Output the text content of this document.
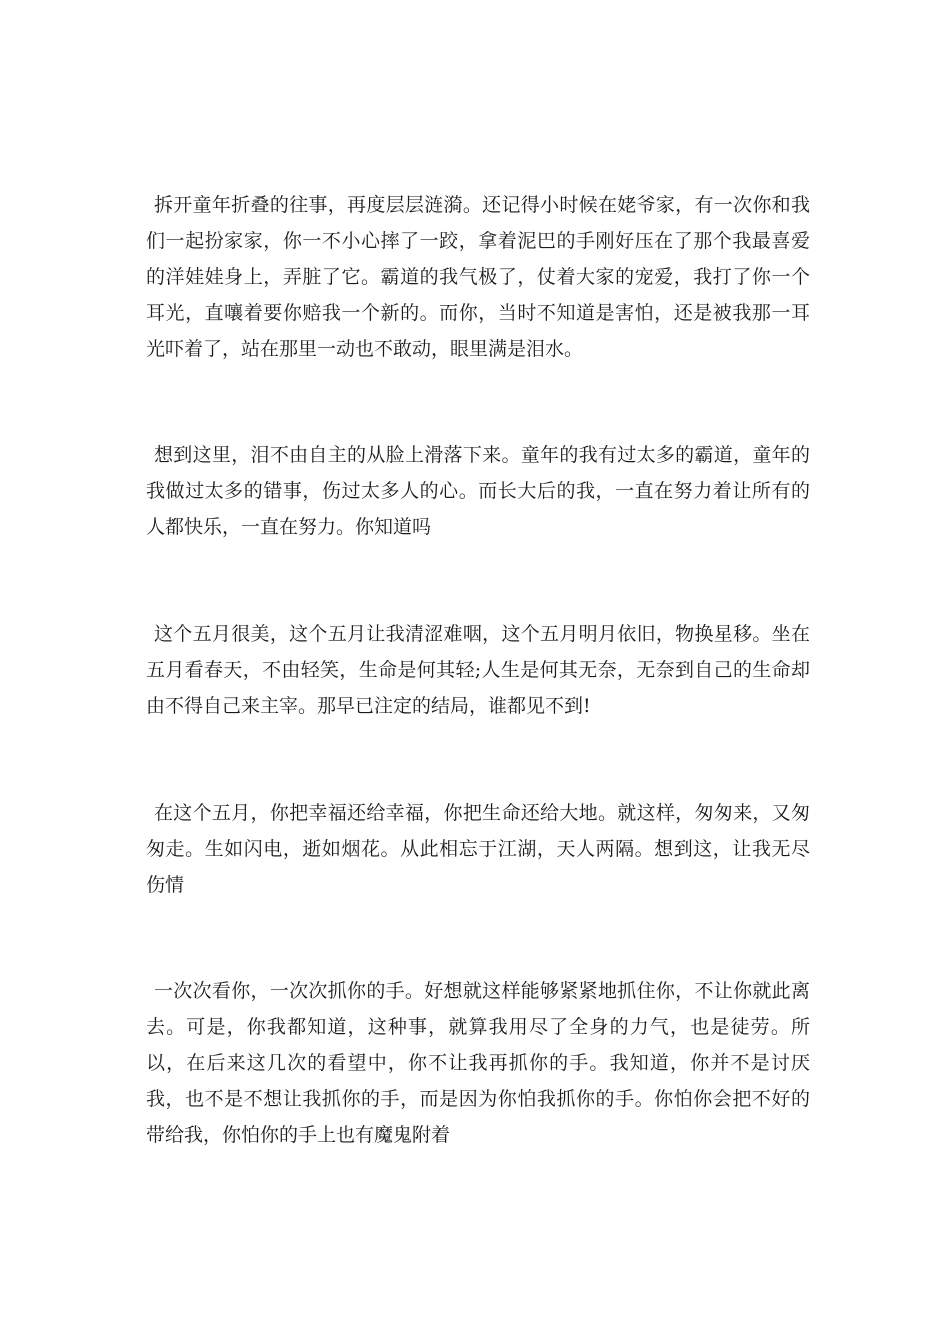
拆开童年折叠的往事，再度层层涟漪。还记得小时候在姥爷家，有一次你和我们一起扮家家，你一不小心摔了一跤，拿着泥巴的手刚好压在了那个我最喜爱的洋娃娃身上，弄脏了它。霸道的我气极了，仗着大家的宠爱，我打了你一个耳光，直嚷着要你赔我一个新的。而你，当时不知道是害怕，还是被我那一耳光吓着了，站在那里一动也不敢动，眼里满是泪水。

想到这里，泪不由自主的从脸上滑落下来。童年的我有过太多的霸道，童年的我做过太多的错事，伤过太多人的心。而长大后的我，一直在努力着让所有的人都快乐，一直在努力。你知道吗

这个五月很美，这个五月让我清涩难咽，这个五月明月依旧，物换星移。坐在五月看春天，不由轻笑，生命是何其轻;人生是何其无奈，无奈到自己的生命却由不得自己来主宰。那早已注定的结局，谁都见不到!

在这个五月，你把幸福还给幸福，你把生命还给大地。就这样，匆匆来，又匆匆走。生如闪电，逝如烟花。从此相忘于江湖，天人两隔。想到这，让我无尽伤情

一次次看你，一次次抓你的手。好想就这样能够紧紧地抓住你，不让你就此离去。可是，你我都知道，这种事，就算我用尽了全身的力气，也是徒劳。所以，在后来这几次的看望中，你不让我再抓你的手。我知道，你并不是讨厌我，也不是不想让我抓你的手，而是因为你怕我抓你的手。你怕你会把不好的带给我，你怕你的手上也有魔鬼附着
